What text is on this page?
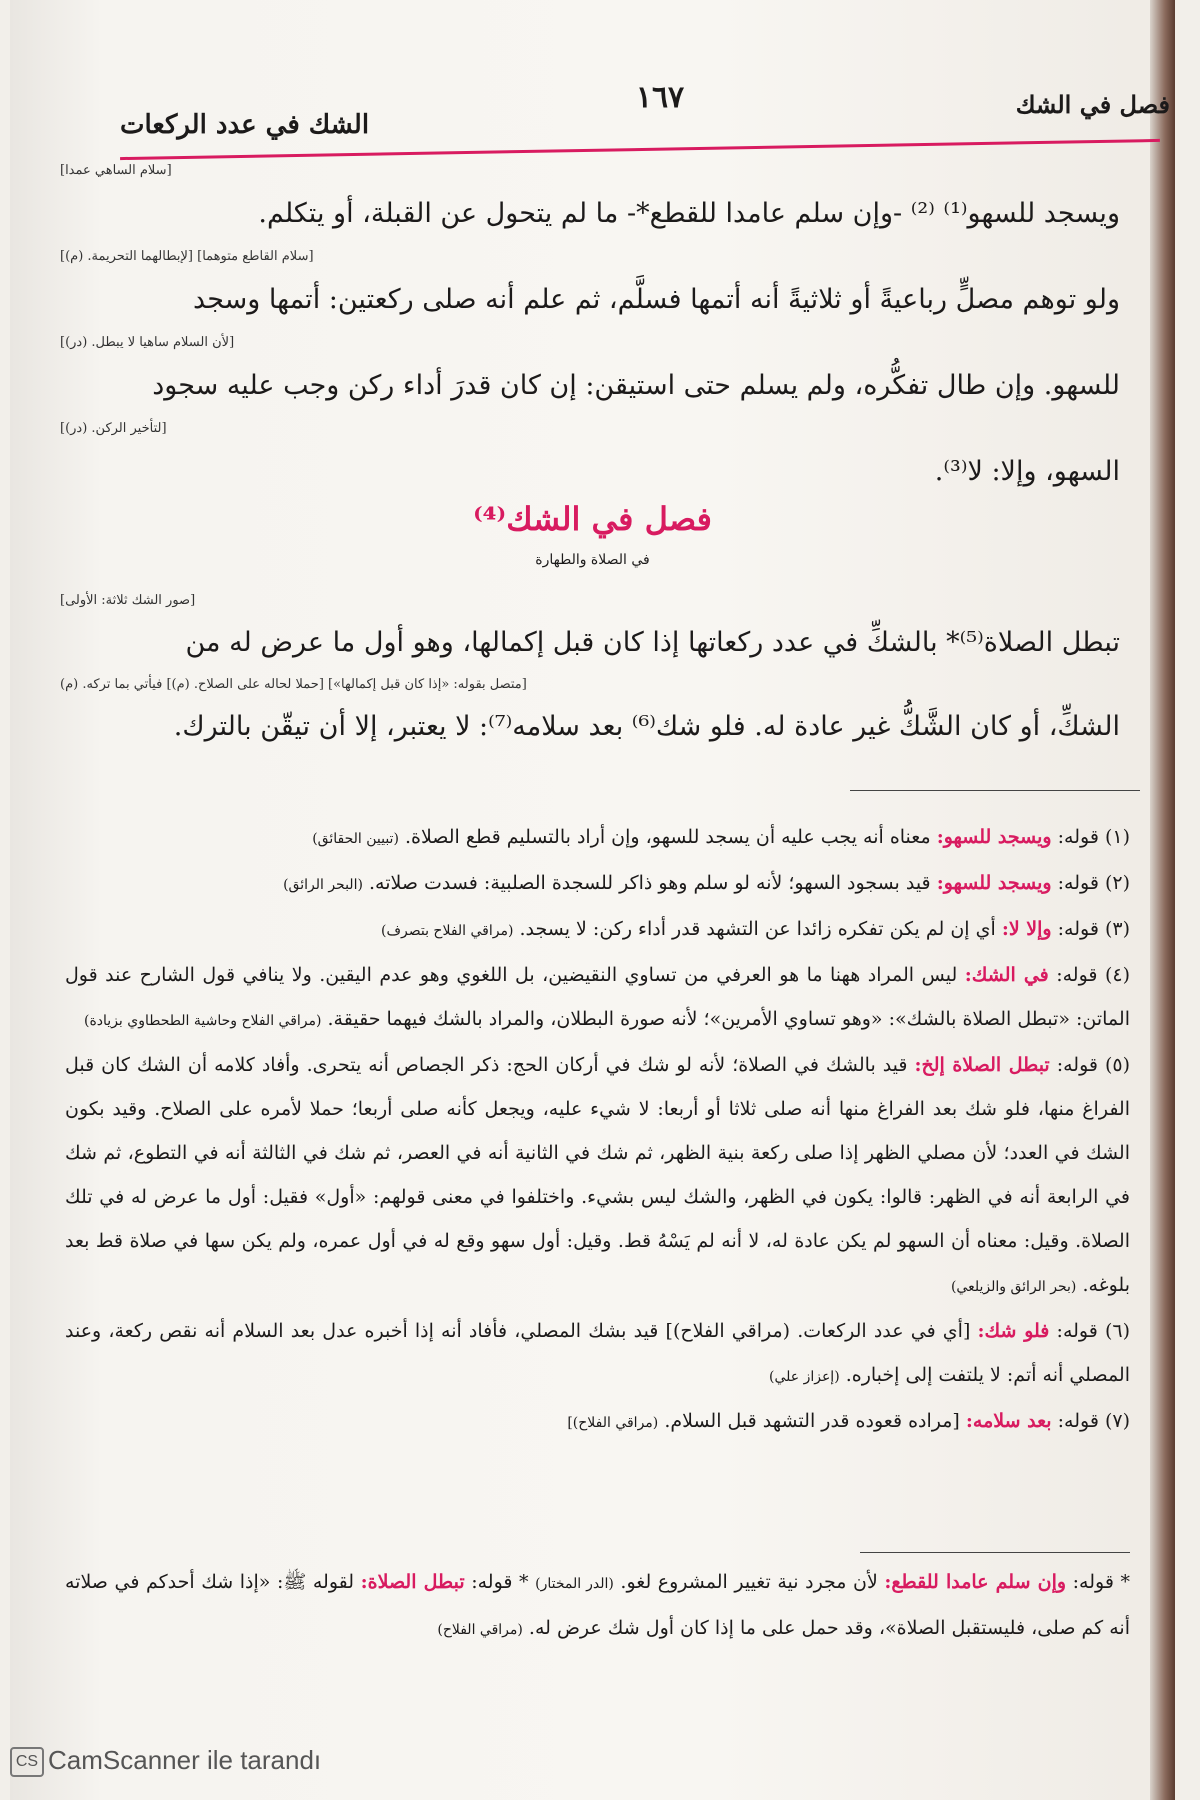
فصل في الشك
١٦٧
الشك في عدد الركعات
[سلام الساهي عمدا]

ويسجد للسهو⁽¹⁾ ⁽²⁾ -وإن سلم عامدا للقطع*- ما لم يتحول عن القبلة، أو يتكلم.

[سلام القاطع متوهما] [لإبطالهما التحريمة. (م)]

ولو توهم مصلٍّ رباعيةً أو ثلاثيةً أنه أتمها فسلَّم، ثم علم أنه صلى ركعتين: أتمها وسجد

[لأن السلام ساهيا لا يبطل. (در)]

للسهو. وإن طال تفكُّره، ولم يسلم حتى استيقن: إن كان قدرَ أداء ركن وجب عليه سجود

[لتأخير الركن. (در)]

السهو، وإلا: لا⁽³⁾.

فصل في الشك⁽⁴⁾
في الصلاة والطهارة
[صور الشك ثلاثة: الأولى]

تبطل الصلاة⁽⁵⁾* بالشكِّ في عدد ركعاتها إذا كان قبل إكمالها، وهو أول ما عرض له من

[متصل بقوله: «إذا كان قبل إكمالها»] [حملا لحاله على الصلاح. (م)] فيأتي بما تركه. (م)

الشكِّ، أو كان الشَّكُّ غير عادة له. فلو شك⁽⁶⁾ بعد سلامه⁽⁷⁾: لا يعتبر، إلا أن تيقّن بالترك.

(١) قوله: ويسجد للسهو: معناه أنه يجب عليه أن يسجد للسهو، وإن أراد بالتسليم قطع الصلاة. (تبيين الحقائق)

(٢) قوله: ويسجد للسهو: قيد بسجود السهو؛ لأنه لو سلم وهو ذاكر للسجدة الصلبية: فسدت صلاته. (البحر الرائق)

(٣) قوله: وإلا لا: أي إن لم يكن تفكره زائدا عن التشهد قدر أداء ركن: لا يسجد. (مراقي الفلاح بتصرف)

(٤) قوله: في الشك: ليس المراد ههنا ما هو العرفي من تساوي النقيضين، بل اللغوي وهو عدم اليقين. ولا ينافي قول الشارح عند قول الماتن: «تبطل الصلاة بالشك»: «وهو تساوي الأمرين»؛ لأنه صورة البطلان، والمراد بالشك فيهما حقيقة. (مراقي الفلاح وحاشية الطحطاوي بزيادة)

(٥) قوله: تبطل الصلاة إلخ: قيد بالشك في الصلاة؛ لأنه لو شك في أركان الحج: ذكر الجصاص أنه يتحرى. وأفاد كلامه أن الشك كان قبل الفراغ منها، فلو شك بعد الفراغ منها أنه صلى ثلاثا أو أربعا: لا شيء عليه، ويجعل كأنه صلى أربعا؛ حملا لأمره على الصلاح. وقيد بكون الشك في العدد؛ لأن مصلي الظهر إذا صلى ركعة بنية الظهر، ثم شك في الثانية أنه في العصر، ثم شك في الثالثة أنه في التطوع، ثم شك في الرابعة أنه في الظهر: قالوا: يكون في الظهر، والشك ليس بشيء. واختلفوا في معنى قولهم: «أول» فقيل: أول ما عرض له في تلك الصلاة. وقيل: معناه أن السهو لم يكن عادة له، لا أنه لم يَسْهُ قط. وقيل: أول سهو وقع له في أول عمره، ولم يكن سها في صلاة قط بعد بلوغه. (بحر الرائق والزيلعي)

(٦) قوله: فلو شك: [أي في عدد الركعات. (مراقي الفلاح)] قيد بشك المصلي، فأفاد أنه إذا أخبره عدل بعد السلام أنه نقص ركعة، وعند المصلي أنه أتم: لا يلتفت إلى إخباره. (إعزاز علي)

(٧) قوله: بعد سلامه: [مراده قعوده قدر التشهد قبل السلام. (مراقي الفلاح)]

* قوله: وإن سلم عامدا للقطع: لأن مجرد نية تغيير المشروع لغو. (الدر المختار) * قوله: تبطل الصلاة: لقوله ﷺ: «إذا شك أحدكم في صلاته أنه كم صلى، فليستقبل الصلاة»، وقد حمل على ما إذا كان أول شك عرض له. (مراقي الفلاح)

CS CamScanner ile tarandı
